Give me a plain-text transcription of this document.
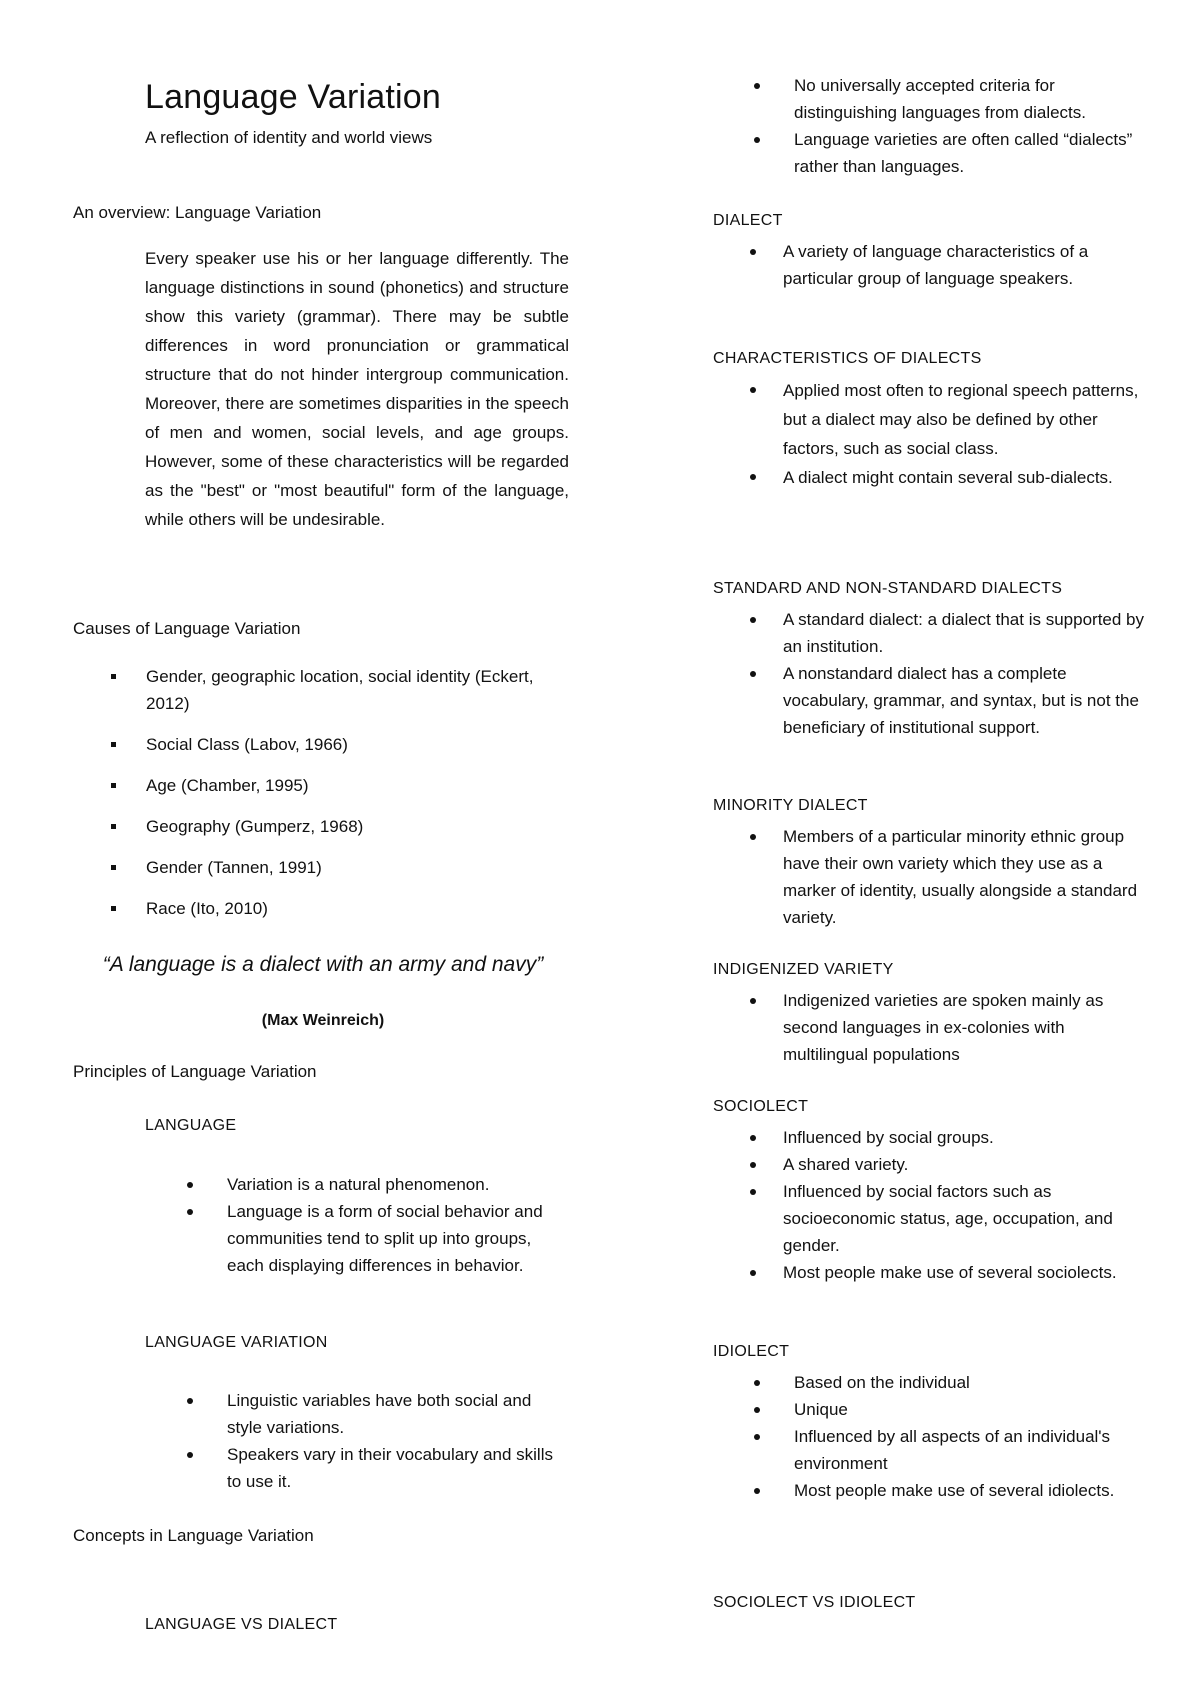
Language Variation
A reflection of identity and world views
An overview: Language Variation
Every speaker use his or her language differently. The language distinctions in sound (phonetics) and structure show this variety (grammar). There may be subtle differences in word pronunciation or grammatical structure that do not hinder intergroup communication. Moreover, there are sometimes disparities in the speech of men and women, social levels, and age groups. However, some of these characteristics will be regarded as the "best" or "most beautiful" form of the language, while others will be undesirable.
Causes of Language Variation
Gender, geographic location, social identity (Eckert, 2012)
Social Class (Labov, 1966)
Age (Chamber, 1995)
Geography (Gumperz, 1968)
Gender (Tannen, 1991)
Race (Ito, 2010)
“A language is a dialect with an army and navy”
(Max Weinreich)
Principles of Language Variation
LANGUAGE
Variation is a natural phenomenon.
Language is a form of social behavior and communities tend to split up into groups, each displaying differences in behavior.
LANGUAGE VARIATION
Linguistic variables have both social and style variations.
Speakers vary in their vocabulary and skills to use it.
Concepts in Language Variation
LANGUAGE VS DIALECT
No universally accepted criteria for distinguishing languages from dialects.
Language varieties are often called “dialects” rather than languages.
DIALECT
A variety of language characteristics of a particular group of language speakers.
CHARACTERISTICS OF DIALECTS
Applied most often to regional speech patterns, but a dialect may also be defined by other factors, such as social class.
A dialect might contain several sub-dialects.
STANDARD AND NON-STANDARD DIALECTS
A standard dialect: a dialect that is supported by an institution.
A nonstandard dialect has a complete vocabulary, grammar, and syntax, but is not the beneficiary of institutional support.
MINORITY DIALECT
Members of a particular minority ethnic group have their own variety which they use as a marker of identity, usually alongside a standard variety.
INDIGENIZED VARIETY
Indigenized varieties are spoken mainly as second languages in ex-colonies with multilingual populations
SOCIOLECT
Influenced by social groups.
A shared variety.
Influenced by social factors such as socioeconomic status, age, occupation, and gender.
Most people make use of several sociolects.
IDIOLECT
Based on the individual
Unique
Influenced by all aspects of an individual's environment
Most people make use of several idiolects.
SOCIOLECT VS IDIOLECT
